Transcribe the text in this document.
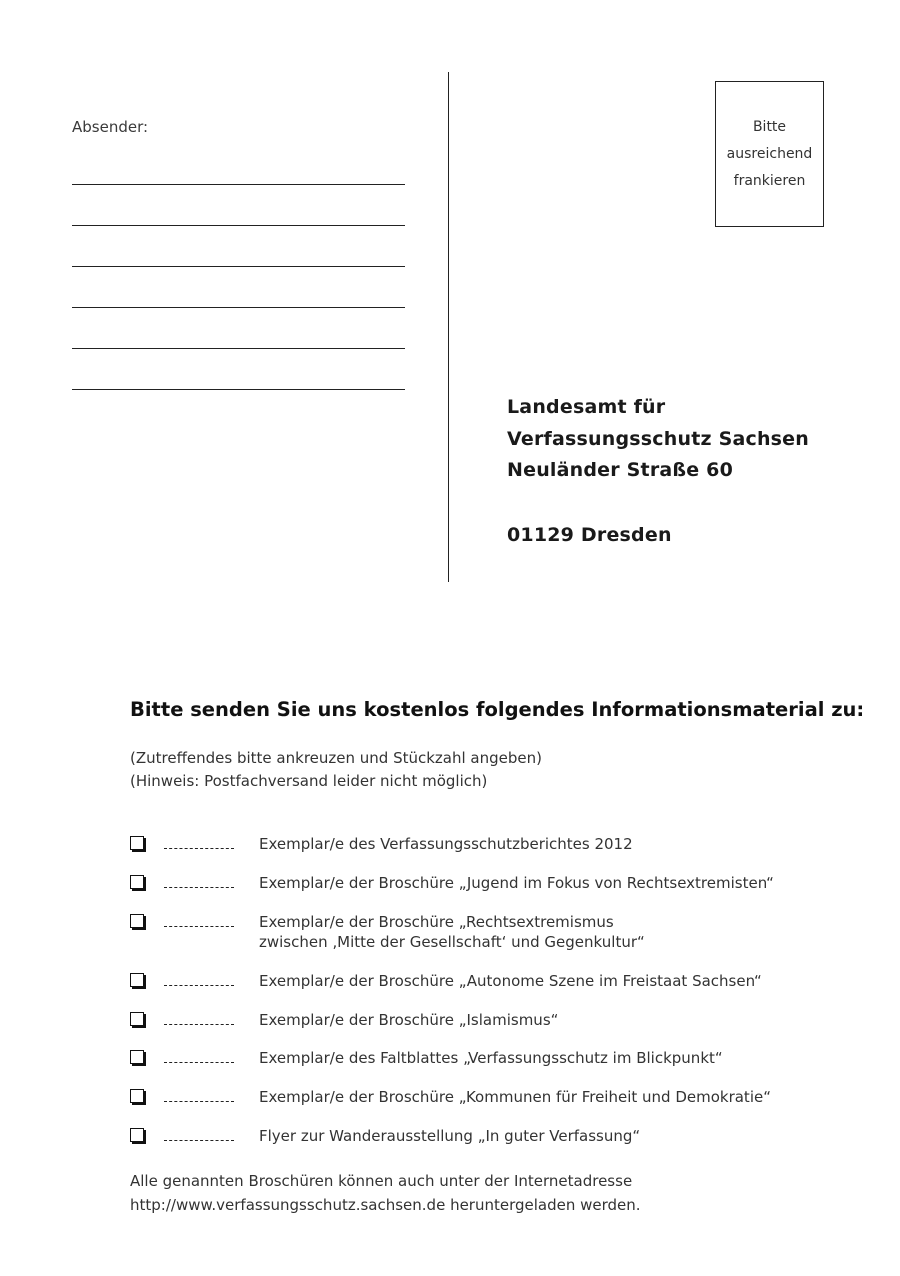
Absender:	Bitte
ausreichend
frankieren
Landesamt für
Verfassungsschutz Sachsen
Neuländer Straße 60
01129 Dresden
Bitte senden Sie uns kostenlos folgendes Informationsmaterial zu:
(Zutreffendes bitte ankreuzen und Stückzahl angeben)
(Hinweis: Postfachversand leider nicht möglich)
Exemplar/e des Verfassungsschutzberichtes 2012
Exemplar/e der Broschüre „Jugend im Fokus von Rechtsextremisten“
Exemplar/e der Broschüre „Rechtsextremismus
zwischen ‚Mitte der Gesellschaft‘ und Gegenkultur“
Exemplar/e der Broschüre „Autonome Szene im Freistaat Sachsen“
Exemplar/e der Broschüre „Islamismus“
Exemplar/e des Faltblattes „Verfassungsschutz im Blickpunkt“
Exemplar/e der Broschüre „Kommunen für Freiheit und Demokratie“
Flyer zur Wanderausstellung „In guter Verfassung“
Alle genannten Broschüren können auch unter der Internetadresse
http://www.verfassungsschutz.sachsen.de heruntergeladen werden.
